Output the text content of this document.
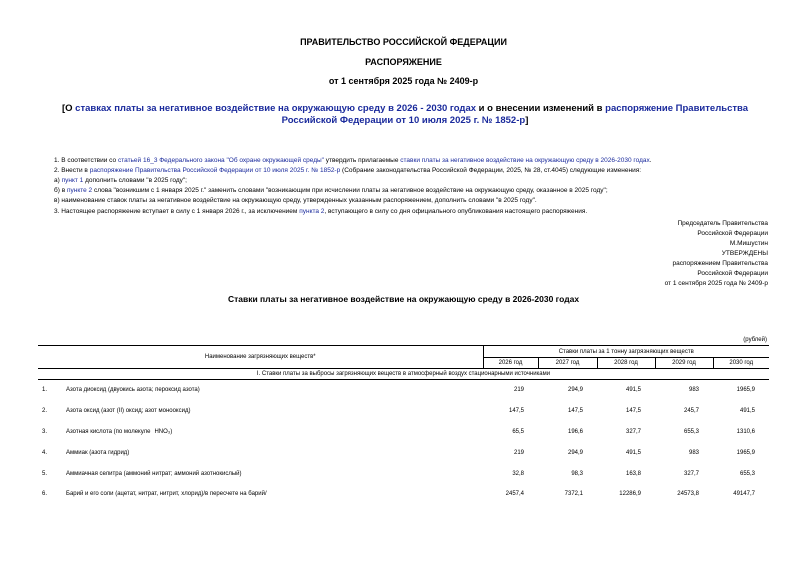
ПРАВИТЕЛЬСТВО РОССИЙСКОЙ ФЕДЕРАЦИИ
РАСПОРЯЖЕНИЕ
от 1 сентября 2025 года № 2409-р
[О ставках платы за негативное воздействие на окружающую среду в 2026 - 2030 годах и о внесении изменений в распоряжение Правительства Российской Федерации от 10 июля 2025 г. № 1852-р]
1. В соответствии со статьей 16_3 Федерального закона "Об охране окружающей среды" утвердить прилагаемые ставки платы за негативное воздействие на окружающую среду в 2026-2030 годах.
2. Внести в распоряжение Правительства Российской Федерации от 10 июля 2025 г. № 1852-р (Собрание законодательства Российской Федерации, 2025, № 28, ст.4045) следующие изменения:
а) пункт 1 дополнить словами "в 2025 году";
б) в пункте 2 слова "возникшим с 1 января 2025 г." заменить словами "возникающим при исчислении платы за негативное воздействие на окружающую среду, оказанное в 2025 году";
в) наименование ставок платы за негативное воздействие на окружающую среду, утвержденных указанным распоряжением, дополнить словами "в 2025 году".
3. Настоящее распоряжение вступает в силу с 1 января 2026 г., за исключением пункта 2, вступающего в силу со дня официального опубликования настоящего распоряжения.
Председатель Правительства
Российской Федерации
М.Мишустин
УТВЕРЖДЕНЫ
распоряжением Правительства
Российской Федерации
от 1 сентября 2025 года № 2409-р
Ставки платы за негативное воздействие на окружающую среду в 2026-2030 годах
(рублей)
Наименование загрязняющих веществ*	Ставки платы за 1 тонну загрязняющих веществ				
	2026 год	2027 год	2028 год	2029 год	2030 год
I. Ставки платы за выбросы загрязняющих веществ в атмосферный воздух стационарными источниками					
1. Азота диоксид (двуокись азота; пероксид азота)	219	294,9	491,5	983	1965,9
2. Азота оксид (азот (II) оксид; азот монооксид)	147,5	147,5	147,5	245,7	491,5
3. Азотная кислота (по молекуле HNO₃)	65,5	196,6	327,7	655,3	1310,6
4. Аммиак (азота гидрид)	219	294,9	491,5	983	1965,9
5. Аммиачная селитра (аммоний нитрат; аммоний азотнокислый)	32,8	98,3	163,8	327,7	655,3
6. Барий и его соли (ацетат, нитрат, нитрит, хлорид)/в пересчете на барий/	2457,4	7372,1	12286,9	24573,8	49147,7
